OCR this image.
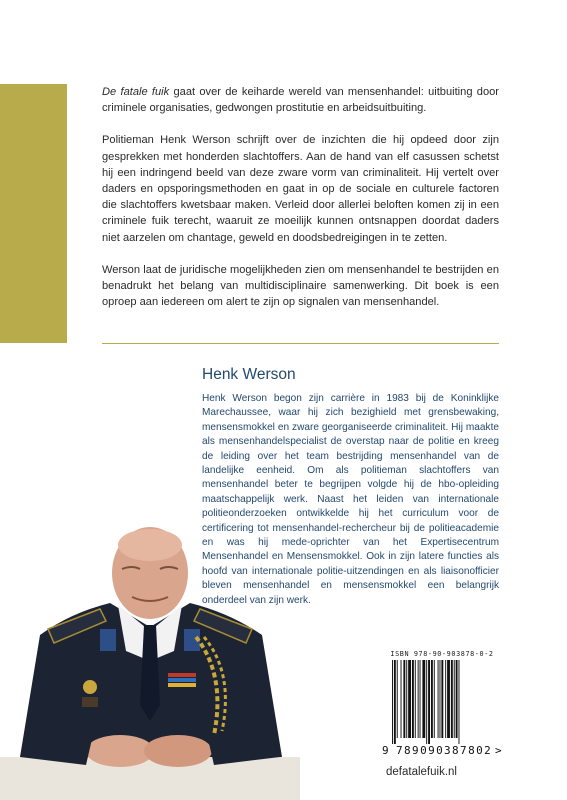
De fatale fuik gaat over de keiharde wereld van mensenhandel: uitbuiting door criminele organisaties, gedwongen prostitutie en arbeidsuitbuiting.

Politieman Henk Werson schrijft over de inzichten die hij opdeed door zijn gesprekken met honderden slachtoffers. Aan de hand van elf casussen schetst hij een indringend beeld van deze zware vorm van criminaliteit. Hij vertelt over daders en opsporingsmethoden en gaat in op de sociale en culturele factoren die slachtoffers kwetsbaar maken. Verleid door allerlei beloften komen zij in een criminele fuik terecht, waaruit ze moeilijk kunnen ontsnappen doordat daders niet aarzelen om chantage, geweld en doodsbedreigingen in te zetten.

Werson laat de juridische mogelijkheden zien om mensenhandel te bestrijden en benadrukt het belang van multidisciplinaire samenwerking. Dit boek is een oproep aan iedereen om alert te zijn op signalen van mensenhandel.

Henk Werson

Henk Werson begon zijn carrière in 1983 bij de Koninklijke Marechaussee, waar hij zich bezighield met grensbewaking, mensensmokkel en zware georganiseerde criminaliteit. Hij maakte als mensenhandelspecialist de overstap naar de politie en kreeg de leiding over het team bestrijding mensenhandel van de landelijke eenheid. Om als politieman slachtoffers van mensenhandel beter te begrijpen volgde hij de hbo-opleiding maatschappelijk werk. Naast het leiden van internationale politieonderzoeken ontwikkelde hij het curriculum voor de certificering tot mensenhandel-rechercheur bij de politieacademie en was hij mede-oprichter van het Expertisecentrum Mensenhandel en Mensensmokkel. Ook in zijn latere functies als hoofd van internationale politie-uitzendingen en als liaisonofficier bleven mensenhandel en mensensmokkel een belangrijk onderdeel van zijn werk.

ISBN 978-90-903878-0-2
9 789090 387802 >
defatalefuik.nl
